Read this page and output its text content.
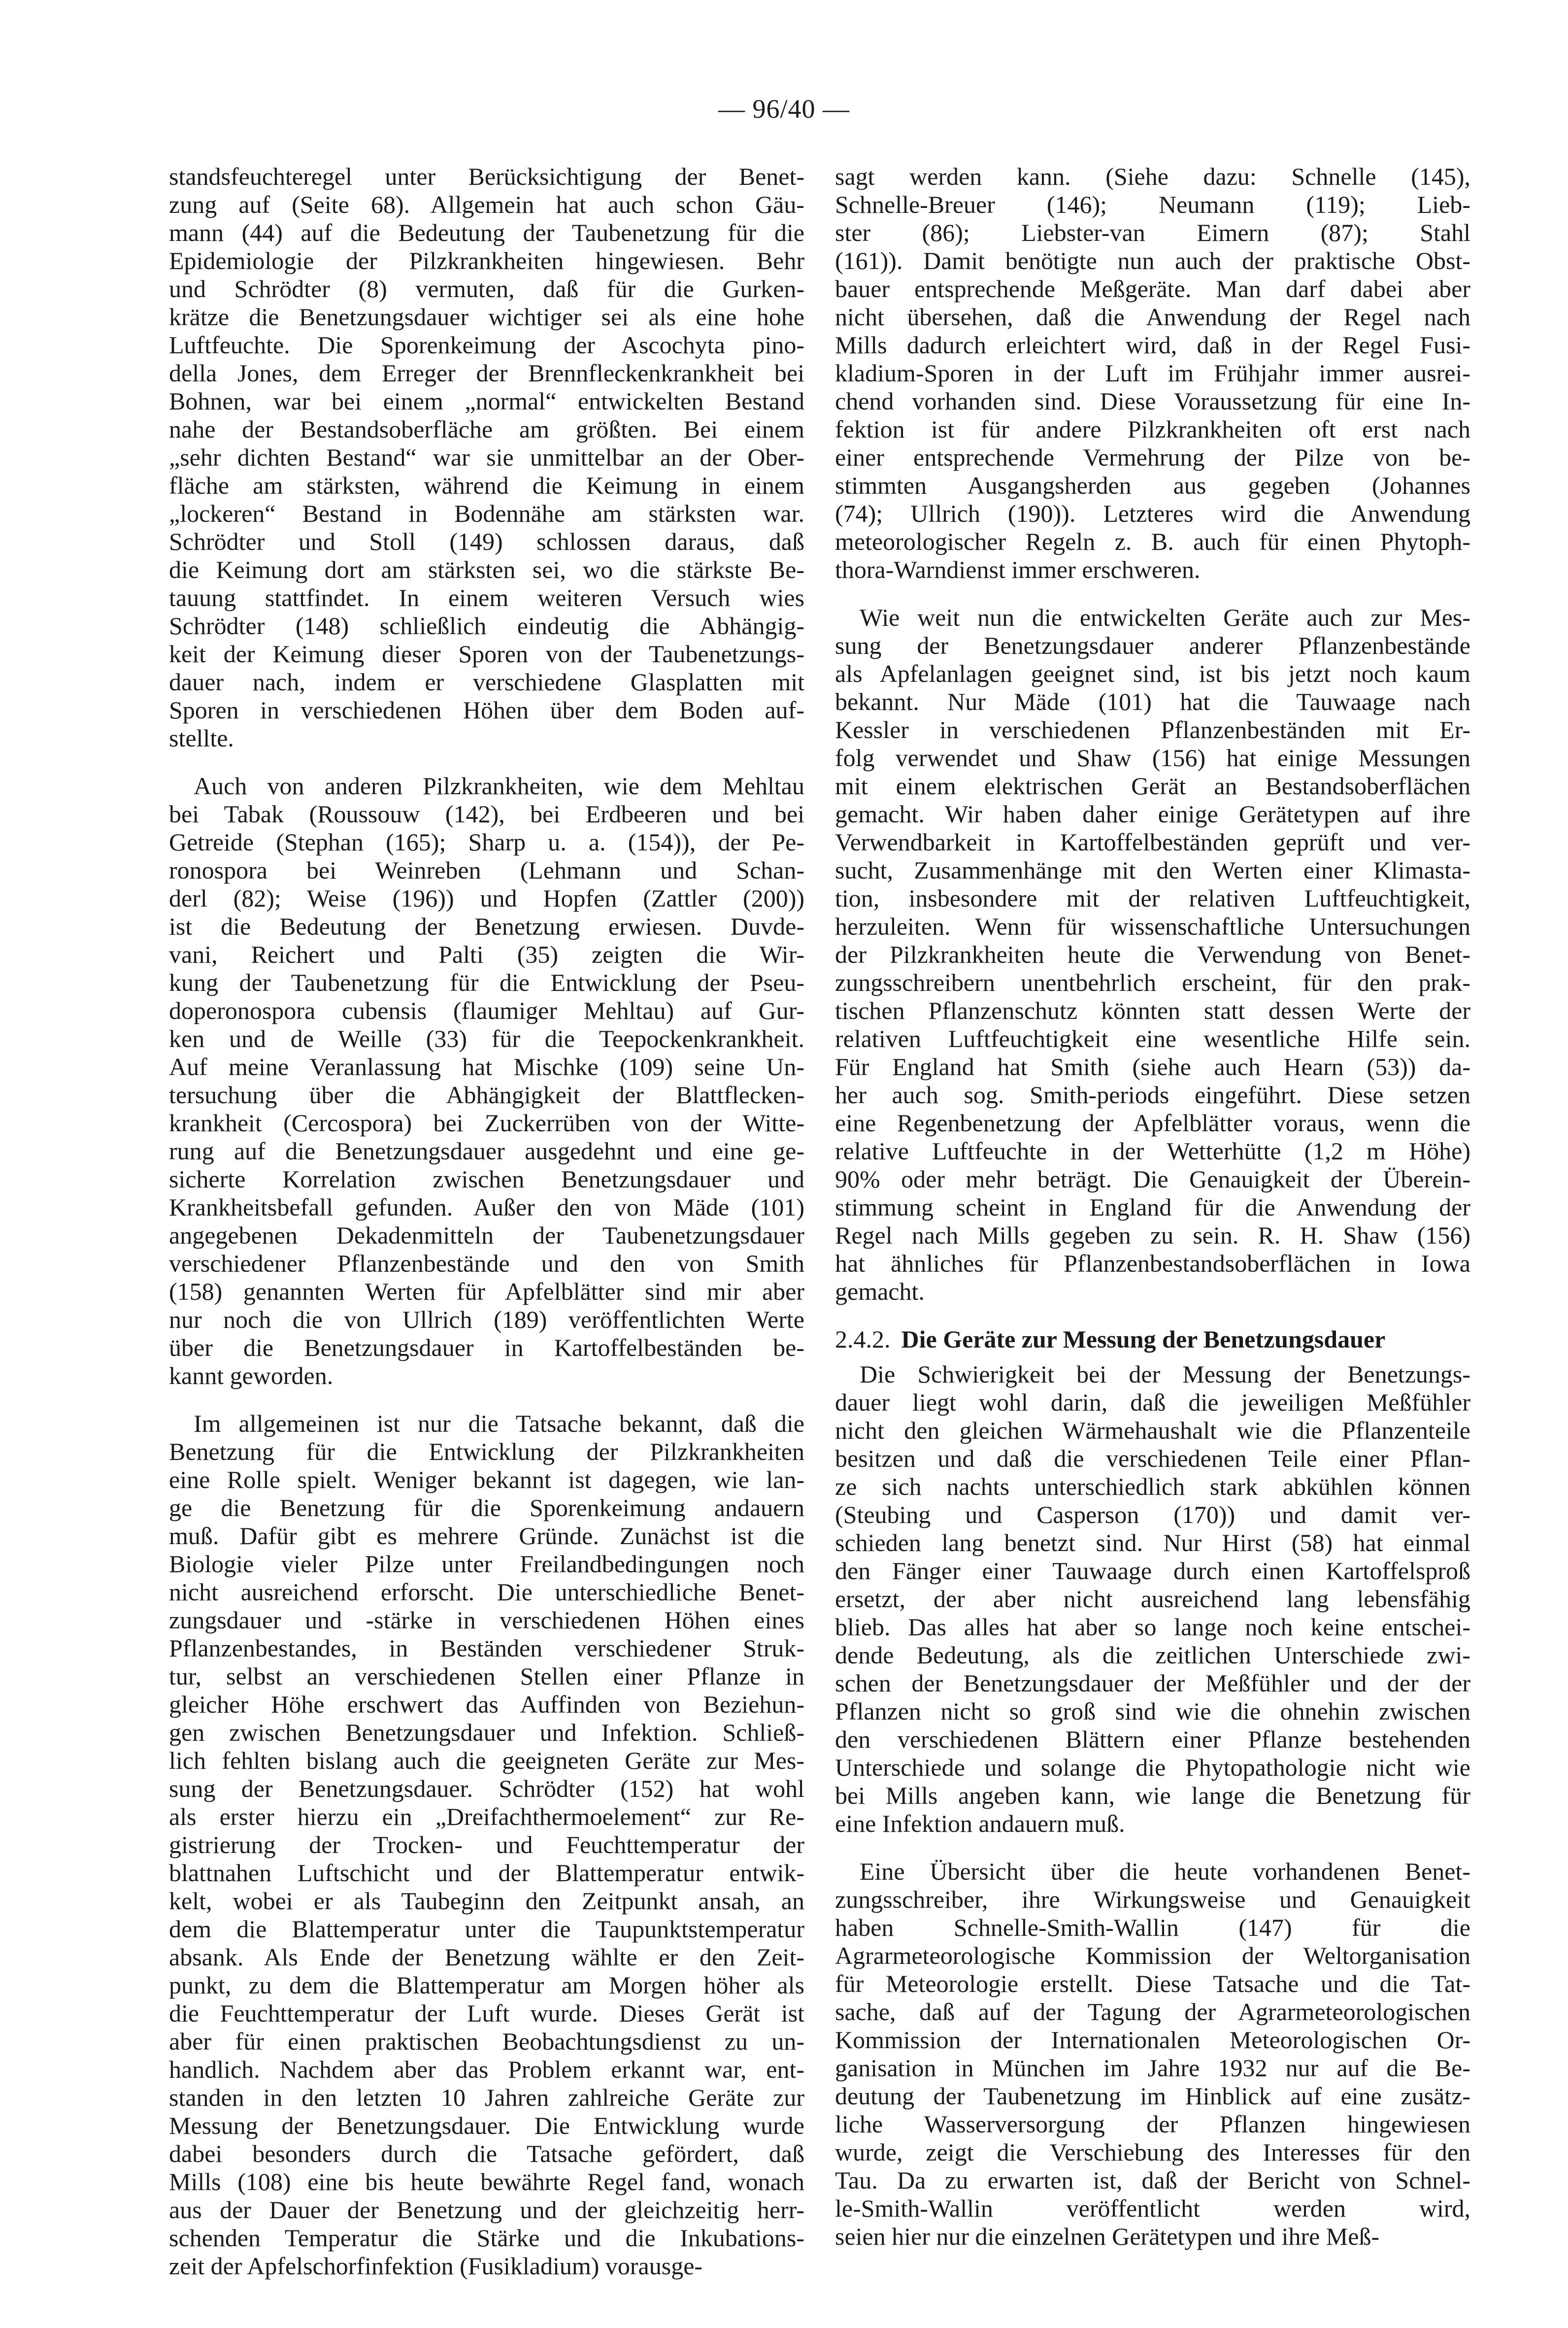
— 96/40 —
standsfeuchteregel unter Berücksichtigung der Benet-
zung auf (Seite 68). Allgemein hat auch schon Gäu-
mann (44) auf die Bedeutung der Taubenetzung für die
Epidemiologie der Pilzkrankheiten hingewiesen. Behr
und Schrödter (8) vermuten, daß für die Gurken-
krätze die Benetzungsdauer wichtiger sei als eine hohe
Luftfeuchte. Die Sporenkeimung der Ascochyta pino-
della Jones, dem Erreger der Brennfleckenkrankheit bei
Bohnen, war bei einem „normal“ entwickelten Bestand
nahe der Bestandsoberfläche am größten. Bei einem
„sehr dichten Bestand“ war sie unmittelbar an der Ober-
fläche am stärksten, während die Keimung in einem
„lockeren“ Bestand in Bodennähe am stärksten war.
Schrödter und Stoll (149) schlossen daraus, daß
die Keimung dort am stärksten sei, wo die stärkste Be-
tauung stattfindet. In einem weiteren Versuch wies
Schrödter (148) schließlich eindeutig die Abhängig-
keit der Keimung dieser Sporen von der Taubenetzungs-
dauer nach, indem er verschiedene Glasplatten mit
Sporen in verschiedenen Höhen über dem Boden auf-
stellte.
Auch von anderen Pilzkrankheiten, wie dem Mehltau
bei Tabak (Roussouw (142), bei Erdbeeren und bei
Getreide (Stephan (165); Sharp u. a. (154)), der Pe-
ronospora bei Weinreben (Lehmann und Schan-
derl (82); Weise (196)) und Hopfen (Zattler (200))
ist die Bedeutung der Benetzung erwiesen. Duvde-
vani, Reichert und Palti (35) zeigten die Wir-
kung der Taubenetzung für die Entwicklung der Pseu-
doperonospora cubensis (flaumiger Mehltau) auf Gur-
ken und de Weille (33) für die Teepockenkrankheit.
Auf meine Veranlassung hat Mischke (109) seine Un-
tersuchung über die Abhängigkeit der Blattflecken-
krankheit (Cercospora) bei Zuckerrüben von der Witte-
rung auf die Benetzungsdauer ausgedehnt und eine ge-
sicherte Korrelation zwischen Benetzungsdauer und
Krankheitsbefall gefunden. Außer den von Mäde (101)
angegebenen Dekadenmitteln der Taubenetzungsdauer
verschiedener Pflanzenbestände und den von Smith
(158) genannten Werten für Apfelblätter sind mir aber
nur noch die von Ullrich (189) veröffentlichten Werte
über die Benetzungsdauer in Kartoffelbeständen be-
kannt geworden.
Im allgemeinen ist nur die Tatsache bekannt, daß die
Benetzung für die Entwicklung der Pilzkrankheiten
eine Rolle spielt. Weniger bekannt ist dagegen, wie lan-
ge die Benetzung für die Sporenkeimung andauern
muß. Dafür gibt es mehrere Gründe. Zunächst ist die
Biologie vieler Pilze unter Freilandbedingungen noch
nicht ausreichend erforscht. Die unterschiedliche Benet-
zungsdauer und -stärke in verschiedenen Höhen eines
Pflanzenbestandes, in Beständen verschiedener Struk-
tur, selbst an verschiedenen Stellen einer Pflanze in
gleicher Höhe erschwert das Auffinden von Beziehun-
gen zwischen Benetzungsdauer und Infektion. Schließ-
lich fehlten bislang auch die geeigneten Geräte zur Mes-
sung der Benetzungsdauer. Schrödter (152) hat wohl
als erster hierzu ein „Dreifachthermoelement“ zur Re-
gistrierung der Trocken- und Feuchttemperatur der
blattnahen Luftschicht und der Blattemperatur entwik-
kelt, wobei er als Taubeginn den Zeitpunkt ansah, an
dem die Blattemperatur unter die Taupunktstemperatur
absank. Als Ende der Benetzung wählte er den Zeit-
punkt, zu dem die Blattemperatur am Morgen höher als
die Feuchttemperatur der Luft wurde. Dieses Gerät ist
aber für einen praktischen Beobachtungsdienst zu un-
handlich. Nachdem aber das Problem erkannt war, ent-
standen in den letzten 10 Jahren zahlreiche Geräte zur
Messung der Benetzungsdauer. Die Entwicklung wurde
dabei besonders durch die Tatsache gefördert, daß
Mills (108) eine bis heute bewährte Regel fand, wonach
aus der Dauer der Benetzung und der gleichzeitig herr-
schenden Temperatur die Stärke und die Inkubations-
zeit der Apfelschorfinfektion (Fusikladium) vorausge-
sagt werden kann. (Siehe dazu: Schnelle (145),
Schnelle-Breuer (146); Neumann (119); Lieb-
ster (86); Liebster-van Eimern (87); Stahl
(161)). Damit benötigte nun auch der praktische Obst-
bauer entsprechende Meßgeräte. Man darf dabei aber
nicht übersehen, daß die Anwendung der Regel nach
Mills dadurch erleichtert wird, daß in der Regel Fusi-
kladium-Sporen in der Luft im Frühjahr immer ausrei-
chend vorhanden sind. Diese Voraussetzung für eine In-
fektion ist für andere Pilzkrankheiten oft erst nach
einer entsprechende Vermehrung der Pilze von be-
stimmten Ausgangsherden aus gegeben (Johannes
(74); Ullrich (190)). Letzteres wird die Anwendung
meteorologischer Regeln z. B. auch für einen Phytoph-
thora-Warndienst immer erschweren.
Wie weit nun die entwickelten Geräte auch zur Mes-
sung der Benetzungsdauer anderer Pflanzenbestände
als Apfelanlagen geeignet sind, ist bis jetzt noch kaum
bekannt. Nur Mäde (101) hat die Tauwaage nach
Kessler in verschiedenen Pflanzenbeständen mit Er-
folg verwendet und Shaw (156) hat einige Messungen
mit einem elektrischen Gerät an Bestandsoberflächen
gemacht. Wir haben daher einige Gerätetypen auf ihre
Verwendbarkeit in Kartoffelbeständen geprüft und ver-
sucht, Zusammenhänge mit den Werten einer Klimasta-
tion, insbesondere mit der relativen Luftfeuchtigkeit,
herzuleiten. Wenn für wissenschaftliche Untersuchungen
der Pilzkrankheiten heute die Verwendung von Benet-
zungsschreibern unentbehrlich erscheint, für den prak-
tischen Pflanzenschutz könnten statt dessen Werte der
relativen Luftfeuchtigkeit eine wesentliche Hilfe sein.
Für England hat Smith (siehe auch Hearn (53)) da-
her auch sog. Smith-periods eingeführt. Diese setzen
eine Regenbenetzung der Apfelblätter voraus, wenn die
relative Luftfeuchte in der Wetterhütte (1,2 m Höhe)
90% oder mehr beträgt. Die Genauigkeit der Überein-
stimmung scheint in England für die Anwendung der
Regel nach Mills gegeben zu sein. R. H. Shaw (156)
hat ähnliches für Pflanzenbestandsoberflächen in Iowa
gemacht.
2.4.2. Die Geräte zur Messung der Benetzungsdauer
Die Schwierigkeit bei der Messung der Benetzungs-
dauer liegt wohl darin, daß die jeweiligen Meßfühler
nicht den gleichen Wärmehaushalt wie die Pflanzenteile
besitzen und daß die verschiedenen Teile einer Pflan-
ze sich nachts unterschiedlich stark abkühlen können
(Steubing und Casperson (170)) und damit ver-
schieden lang benetzt sind. Nur Hirst (58) hat einmal
den Fänger einer Tauwaage durch einen Kartoffelsproß
ersetzt, der aber nicht ausreichend lang lebensfähig
blieb. Das alles hat aber so lange noch keine entschei-
dende Bedeutung, als die zeitlichen Unterschiede zwi-
schen der Benetzungsdauer der Meßfühler und der der
Pflanzen nicht so groß sind wie die ohnehin zwischen
den verschiedenen Blättern einer Pflanze bestehenden
Unterschiede und solange die Phytopathologie nicht wie
bei Mills angeben kann, wie lange die Benetzung für
eine Infektion andauern muß.
Eine Übersicht über die heute vorhandenen Benet-
zungsschreiber, ihre Wirkungsweise und Genauigkeit
haben Schnelle-Smith-Wallin (147) für die
Agrarmeteorologische Kommission der Weltorganisation
für Meteorologie erstellt. Diese Tatsache und die Tat-
sache, daß auf der Tagung der Agrarmeteorologischen
Kommission der Internationalen Meteorologischen Or-
ganisation in München im Jahre 1932 nur auf die Be-
deutung der Taubenetzung im Hinblick auf eine zusätz-
liche Wasserversorgung der Pflanzen hingewiesen
wurde, zeigt die Verschiebung des Interesses für den
Tau. Da zu erwarten ist, daß der Bericht von Schnel-
le-Smith-Wallin veröffentlicht werden wird,
seien hier nur die einzelnen Gerätetypen und ihre Meß-
